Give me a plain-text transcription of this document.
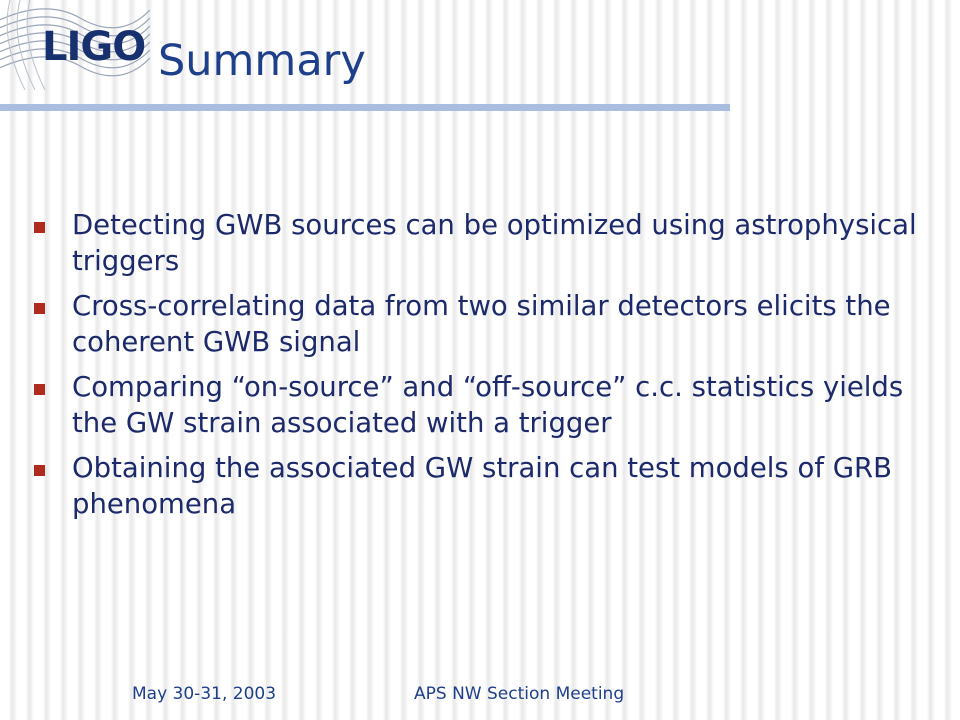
LIGO Summary
Detecting GWB sources can be optimized using astrophysical triggers
Cross-correlating data from two similar detectors elicits the coherent GWB signal
Comparing “on-source” and “off-source” c.c. statistics yields the GW strain associated with a trigger
Obtaining the associated GW strain can test models of GRB phenomena
May 30-31, 2003	APS NW Section Meeting
